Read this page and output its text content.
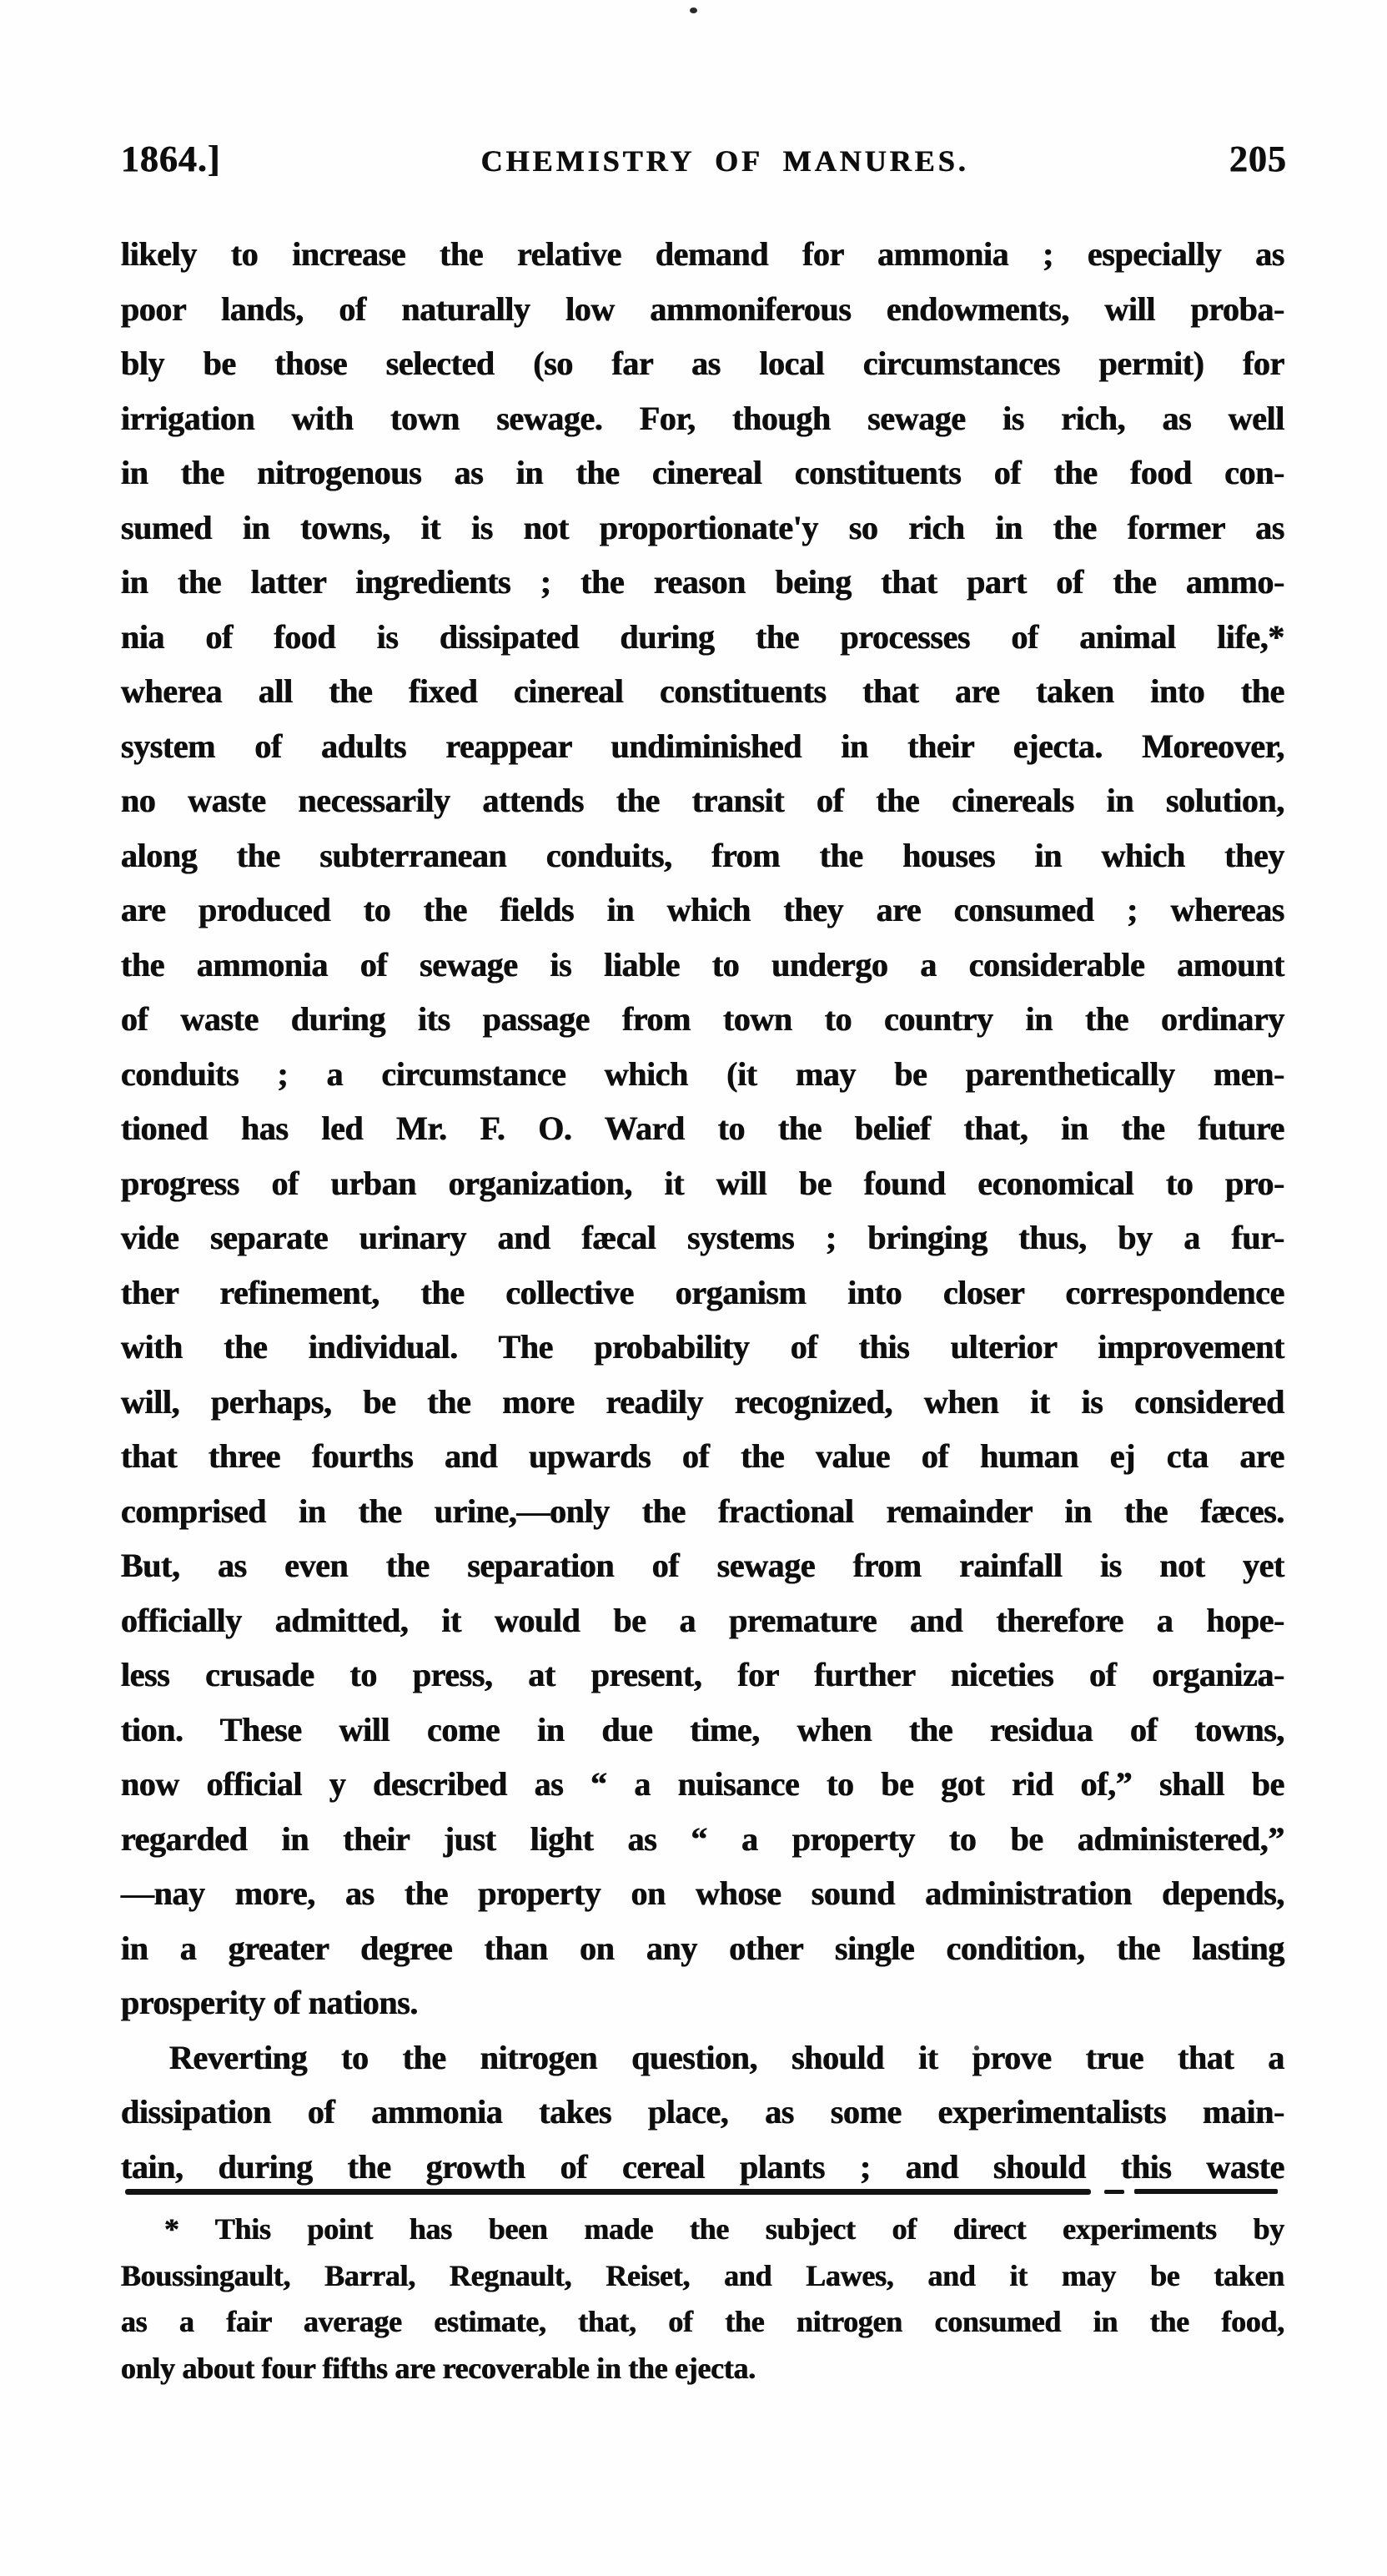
1864.]	CHEMISTRY OF MANURES.	205
likely to increase the relative demand for ammonia ; especially as
poor lands, of naturally low ammoniferous endowments, will proba-
bly be those selected (so far as local circumstances permit) for
irrigation with town sewage. For, though sewage is rich, as well
in the nitrogenous as in the cinereal constituents of the food con-
sumed in towns, it is not proportionate'y so rich in the former as
in the latter ingredients ; the reason being that part of the ammo-
nia of food is dissipated during the processes of animal life,*
wherea all the fixed cinereal constituents that are taken into the
system of adults reappear undiminished in their ejecta. Moreover,
no waste necessarily attends the transit of the cinereals in solution,
along the subterranean conduits, from the houses in which they
are produced to the fields in which they are consumed ; whereas
the ammonia of sewage is liable to undergo a considerable amount
of waste during its passage from town to country in the ordinary
conduits ; a circumstance which (it may be parenthetically men-
tioned has led Mr. F. O. Ward to the belief that, in the future
progress of urban organization, it will be found economical to pro-
vide separate urinary and fæcal systems ; bringing thus, by a fur-
ther refinement, the collective organism into closer correspondence
with the individual. The probability of this ulterior improvement
will, perhaps, be the more readily recognized, when it is considered
that three fourths and upwards of the value of human ej cta are
comprised in the urine,—only the fractional remainder in the fæces.
But, as even the separation of sewage from rainfall is not yet
officially admitted, it would be a premature and therefore a hope-
less crusade to press, at present, for further niceties of organiza-
tion. These will come in due time, when the residua of towns,
now official y described as “ a nuisance to be got rid of,” shall be
regarded in their just light as “ a property to be administered,”
—nay more, as the property on whose sound administration depends,
in a greater degree than on any other single condition, the lasting
prosperity of nations.
Reverting to the nitrogen question, should it prove true that a
dissipation of ammonia takes place, as some experimentalists main-
tain, during the growth of cereal plants ; and should this waste
* This point has been made the subject of direct experiments by
Boussingault, Barral, Regnault, Reiset, and Lawes, and it may be taken
as a fair average estimate, that, of the nitrogen consumed in the food,
only about four fifths are recoverable in the ejecta.
